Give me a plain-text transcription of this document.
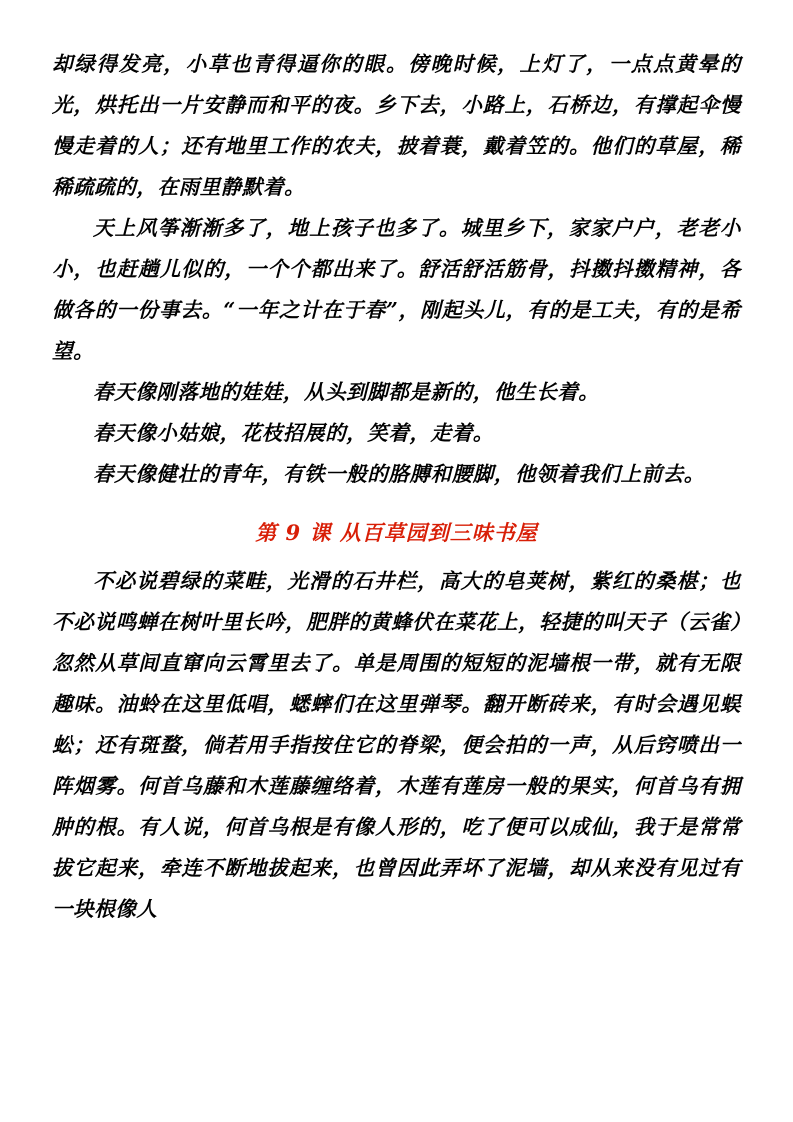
却绿得发亮，小草也青得逼你的眼。傍晚时候，上灯了，一点点黄晕的光，烘托出一片安静而和平的夜。乡下去，小路上，石桥边，有撑起伞慢慢走着的人；还有地里工作的农夫，披着蓑，戴着笠的。他们的草屋，稀稀疏疏的，在雨里静默着。

天上风筝渐渐多了，地上孩子也多了。城里乡下，家家户户，老老小小，也赶趟儿似的，一个个都出来了。舒活舒活筋骨，抖擞抖擞精神，各做各的一份事去。“一年之计在于春”，刚起头儿，有的是工夫，有的是希望。

春天像刚落地的娃娃，从头到脚都是新的，他生长着。

春天像小姑娘，花枝招展的，笑着，走着。

春天像健壮的青年，有铁一般的胳膊和腰脚，他领着我们上前去。

第 9 课 从百草园到三味书屋

不必说碧绿的菜畦，光滑的石井栏，高大的皂荚树，紫红的桑椹；也不必说鸣蝉在树叶里长吟，肥胖的黄蜂伏在菜花上，轻捷的叫天子（云雀）忽然从草间直窜向云霄里去了。单是周围的短短的泥墙根一带，就有无限趣味。油蛉在这里低唱，蟋蟀们在这里弹琴。翻开断砖来，有时会遇见蜈蚣；还有斑蝥，倘若用手指按住它的脊梁，便会拍的一声，从后窍喷出一阵烟雾。何首乌藤和木莲藤缠络着，木莲有莲房一般的果实，何首乌有拥肿的根。有人说，何首乌根是有像人形的，吃了便可以成仙，我于是常常拔它起来，牵连不断地拔起来，也曾因此弄坏了泥墙，却从来没有见过有一块根像人
